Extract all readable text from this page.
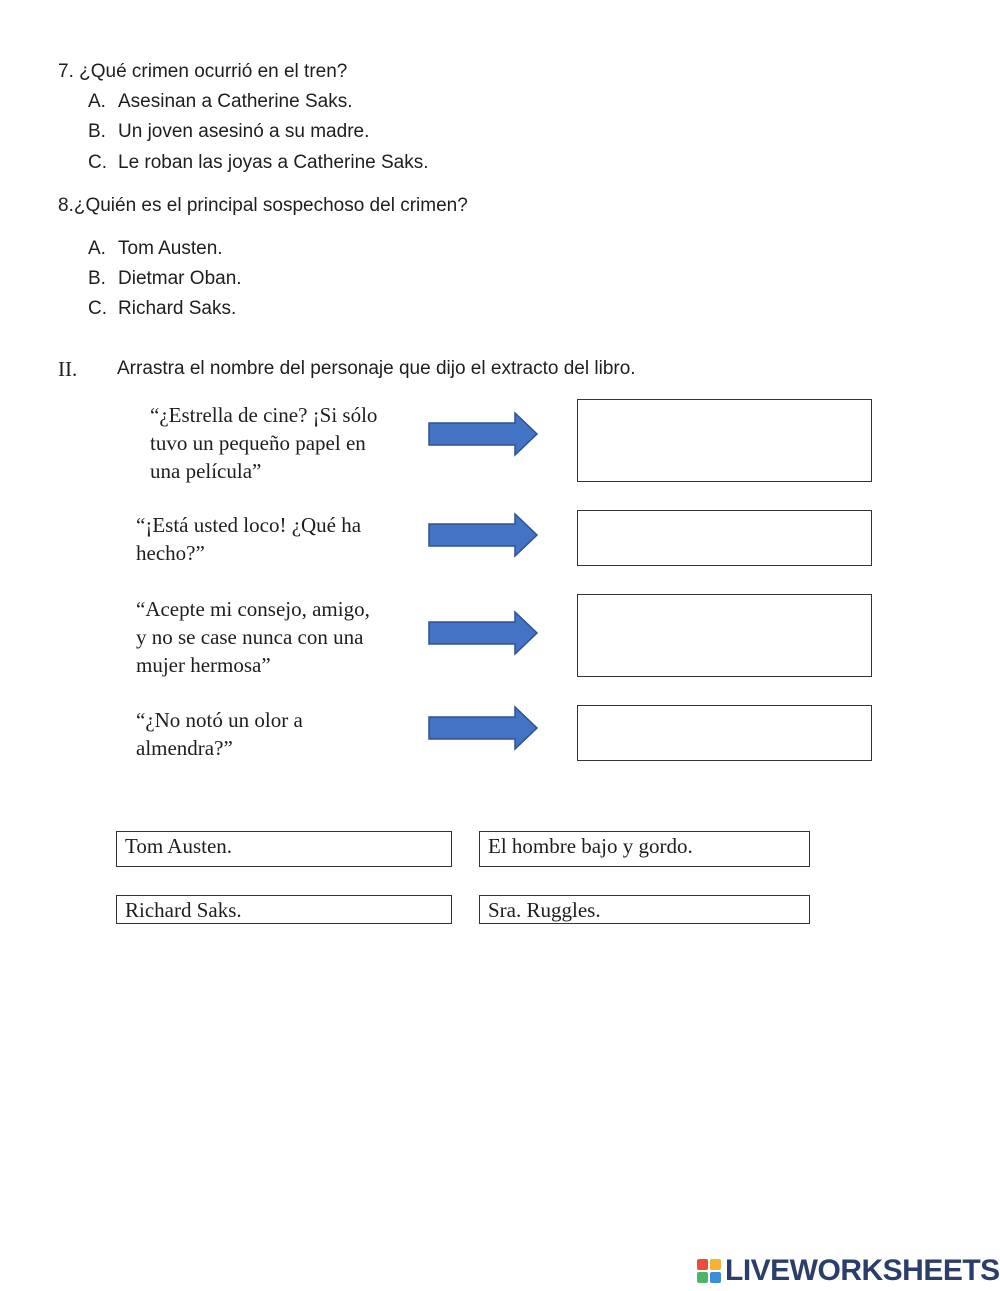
7. ¿Qué crimen ocurrió en el tren?
A. Asesinan a Catherine Saks.
B. Un joven asesinó a su madre.
C. Le roban las joyas a Catherine Saks.
8.¿Quién es el principal sospechoso del crimen?
A. Tom Austen.
B. Dietmar Oban.
C. Richard Saks.
II. Arrastra el nombre del personaje que dijo el extracto del libro.
“¿Estrella de cine? ¡Si sólo
tuvo un pequeño papel en
una película”
“¡Está usted loco! ¿Qué ha
hecho?”
“Acepte mi consejo, amigo,
y no se case nunca con una
mujer hermosa”
“¿No notó un olor a
almendra?”
Tom Austen.	El hombre bajo y gordo.
Richard Saks.	Sra. Ruggles.
LIVEWORKSHEETS
